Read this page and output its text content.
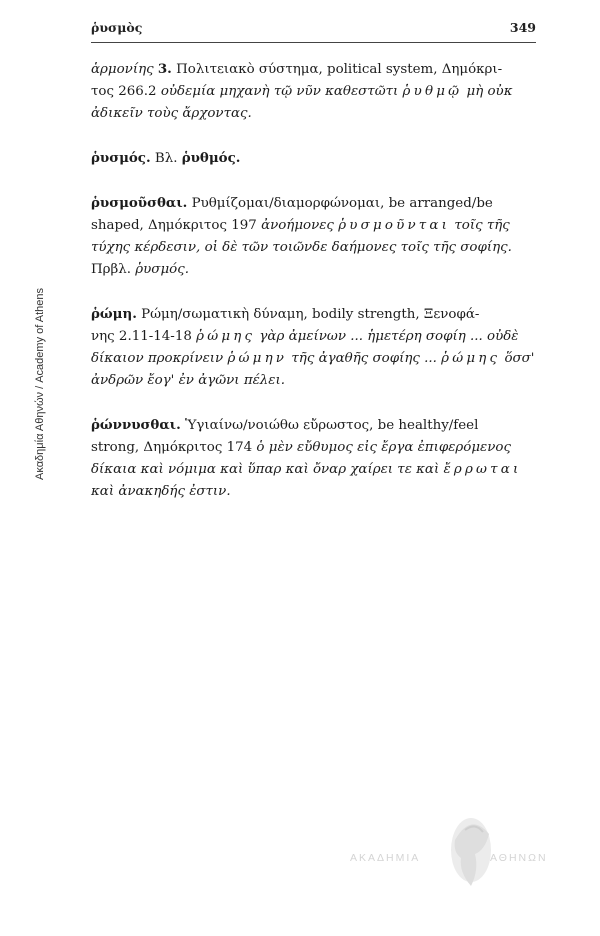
Ακαδημία Αθηνών / Academy of Athens
ῥυσμὸς	349
ἁρμονίης 3. Πολιτειακὸ σύστημα, political system, Δημόκρι-
τος 266.2 οὐδεμία μηχανὴ τῷ νῦν καθεστῶτι ῥυθμῷ μὴ οὐκ
ἀδικεῖν τοὺς ἄρχοντας.
ῥυσμός. Βλ. ῥυθμός.
ῥυσμοῦσθαι. Ρυθμίζομαι/διαμορφώνομαι, be arranged/be
shaped, Δημόκριτος 197 ἀνοήμονες ῥυσμοῦνται τοῖς τῆς
τύχης κέρδεσιν, οἱ δὲ τῶν τοιῶνδε δαήμονες τοῖς τῆς σοφίης.
Πρβλ. ῥυσμός.
ῥώμη. Ρώμη/σωματικὴ δύναμη, bodily strength, Ξενοφά-
νης 2.11-14-18 ῥώμης γὰρ ἀμείνων ... ἡμετέρη σοφίη ... οὐδὲ
δίκαιον προκρίνειν ῥώμην τῆς ἀγαθῆς σοφίης ... ῥώμης ὅσσ'
ἀνδρῶν ἔογ' ἐν ἀγῶνι πέλει.
ῥώννυσθαι. Ὑγιαίνω/νοιώθω εὔρωστος, be healthy/feel
strong, Δημόκριτος 174 ὁ μὲν εὔθυμος εἰς ἔργα ἐπιφερόμενος
δίκαια καὶ νόμιμα καὶ ὕπαρ καὶ ὄναρ χαίρει τε καὶ ἔρρωται
καὶ ἀνακηδής ἐστιν.
ΑΚΑΔΗΜΙΑ	ΑΘΗΝΩΝ
